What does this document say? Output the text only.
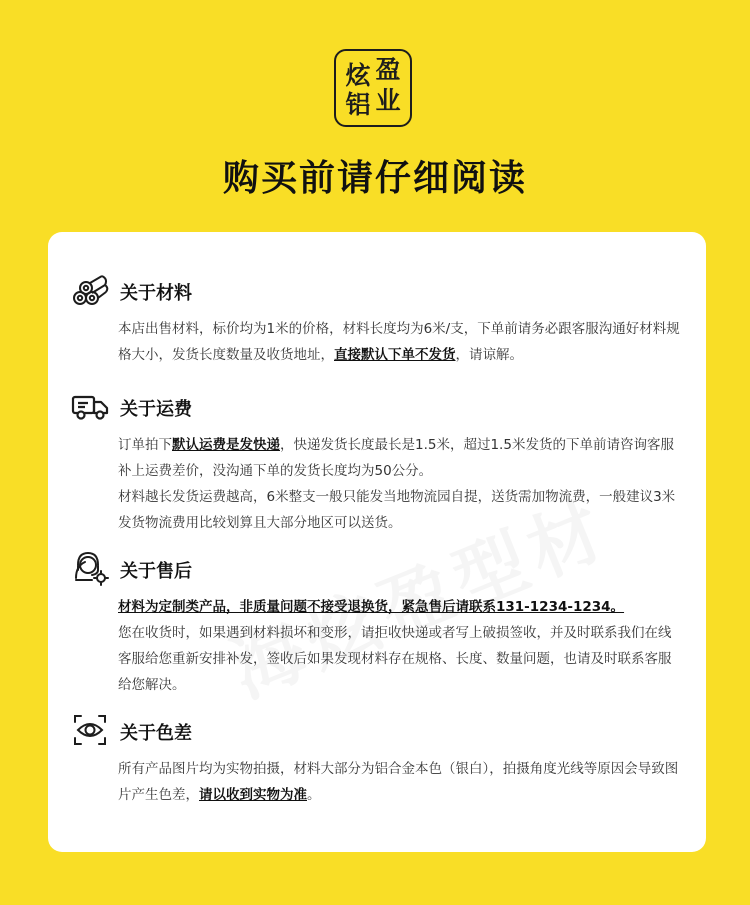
炫 盈
铝 业
购买前请仔细阅读
关于材料

本店出售材料，标价均为1米的价格，材料长度均为6米/支，下单前请务必跟客服沟通好材料规格大小，发货长度数量及收货地址，直接默认下单不发货，请谅解。

关于运费

订单拍下默认运费是发快递，快递发货长度最长是1.5米，超过1.5米发货的下单前请咨询客服补上运费差价，没沟通下单的发货长度均为50公分。

材料越长发货运费越高，6米整支一般只能发当地物流园自提，送货需加物流费，一般建议3米发货物流费用比较划算且大部分地区可以送货。

关于售后

材料为定制类产品，非质量问题不接受退换货，紧急售后请联系131-1234-1234。

您在收货时，如果遇到材料损坏和变形，请拒收快递或者写上破损签收，并及时联系我们在线客服给您重新安排补发，签收后如果发现材料存在规格、长度、数量问题，也请及时联系客服给您解决。

关于色差

所有产品图片均为实物拍摄，材料大部分为铝合金本色（银白），拍摄角度光线等原因会导致图片产生色差，请以收到实物为准。
